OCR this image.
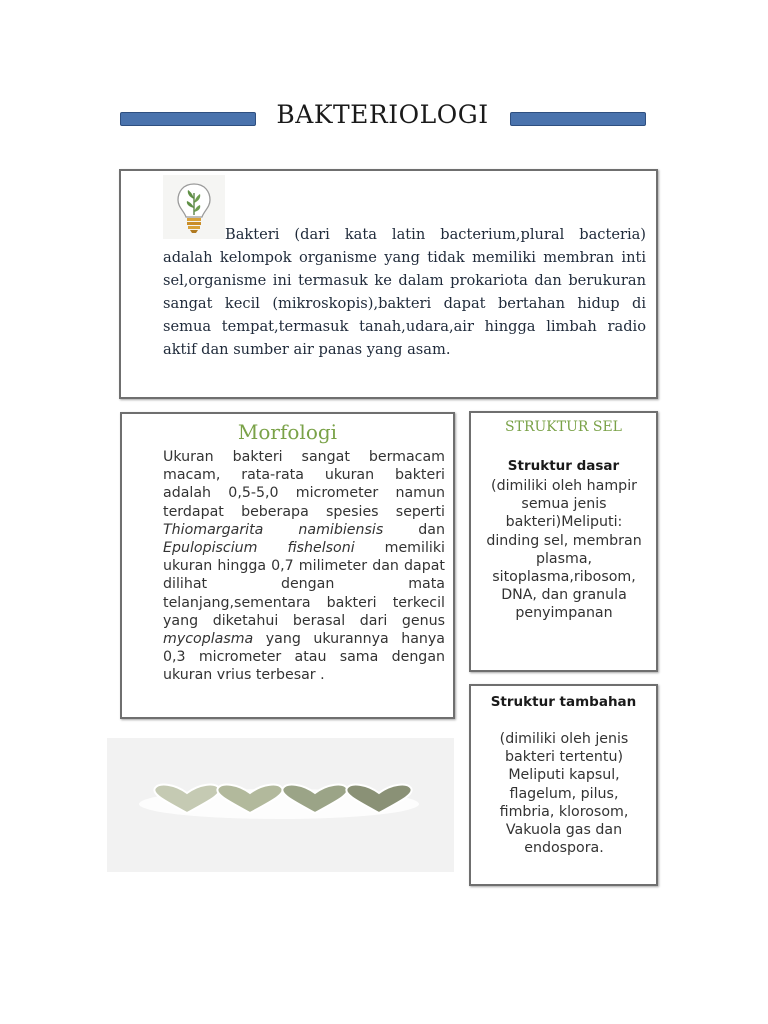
BAKTERIOLOGI
Bakteri (dari kata latin bacterium,plural bacteria) adalah kelompok organisme yang tidak memiliki membran inti sel,organisme ini termasuk ke dalam prokariota dan berukuran sangat kecil (mikroskopis),bakteri dapat bertahan hidup di semua tempat,termasuk tanah,udara,air hingga limbah radio aktif dan sumber air panas yang asam.
Morfologi
Ukuran bakteri sangat bermacam macam, rata-rata ukuran bakteri adalah 0,5-5,0 micrometer namun terdapat beberapa spesies seperti Thiomargarita namibiensis dan Epulopiscium fishelsoni memiliki ukuran hingga 0,7 milimeter dan dapat dilihat dengan mata telanjang,sementara bakteri terkecil yang diketahui berasal dari genus mycoplasma yang ukurannya hanya 0,3 micrometer atau sama dengan ukuran vrius terbesar .
STRUKTUR SEL
Struktur dasar
(dimiliki oleh hampir semua jenis bakteri)Meliputi: dinding sel, membran plasma, sitoplasma,ribosom, DNA, dan granula penyimpanan
Struktur tambahan
(dimiliki oleh jenis bakteri tertentu) Meliputi kapsul, flagelum, pilus, fimbria, klorosom, Vakuola gas dan endospora.
